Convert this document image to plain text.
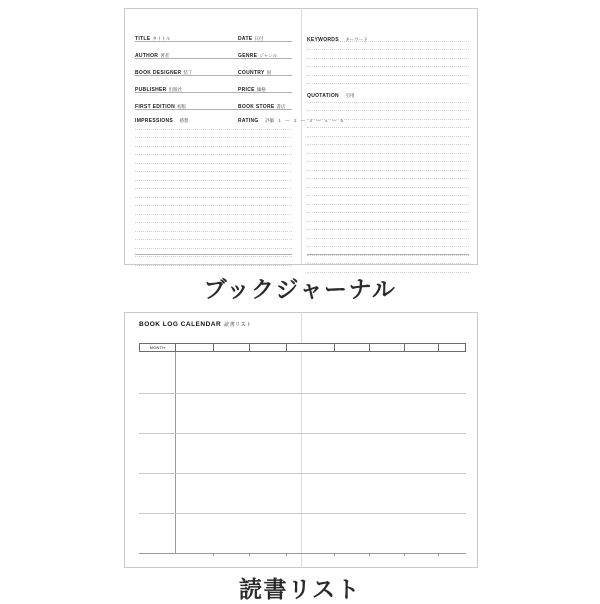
TITLE タイトル
AUTHOR 著者
BOOK DESIGNER 装丁
PUBLISHER 出版社
FIRST EDITION 初版
DATE 日付
GENRE ジャンル
COUNTRY 国
PRICE 価格
BOOK STORE 書店
IMPRESSIONS 感想	RATING 評価 1 ― 2 ― 3 ― 4 ― 5
KEYWORDS キーワード
QUOTATION 引用
ブックジャーナル
BOOK LOG CALENDAR 読書リスト
MONTH
読書リスト
